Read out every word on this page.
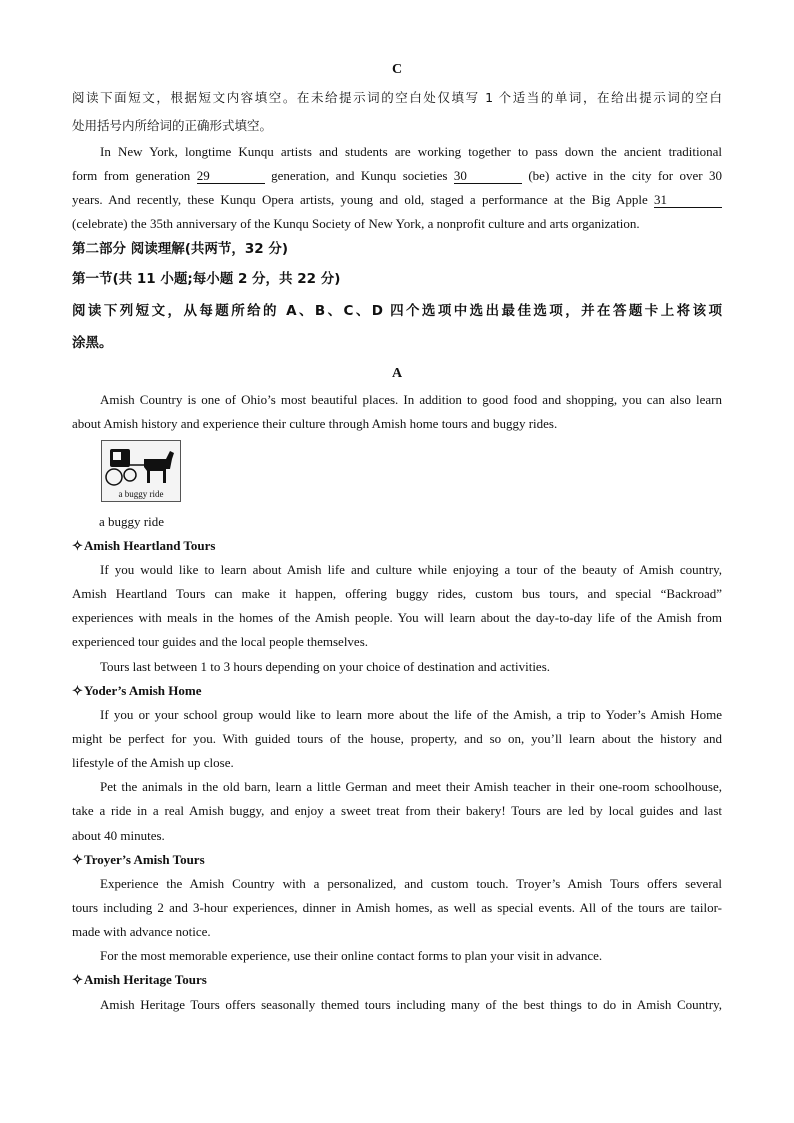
C
阅读下面短文，根据短文内容填空。在未给提示词的空白处仅填写 1 个适当的单词，在给出提示词的空白
处用括号内所给词的正确形式填空。
In New York, longtime Kunqu artists and students are working together to pass down the ancient traditional
form from generation 29	generation, and Kunqu societies 30	(be) active in the city for over 30
years. And recently, these Kunqu Opera artists, young and old, staged a performance at the Big Apple 31
(celebrate) the 35th anniversary of the Kunqu Society of New York, a nonprofit culture and arts organization.
第二部分 阅读理解(共两节，32 分)
第一节(共 11 小题;每小题 2 分，共 22 分)
阅读下列短文，从每题所给的 A、B、C、D 四个选项中选出最佳选项，并在答题卡上将该项
涂黑。
A
Amish Country is one of Ohio’s most beautiful places. In addition to good food and shopping, you can also learn
about Amish history and experience their culture through Amish home tours and buggy rides.
a buggy ride
a buggy ride
✧Amish Heartland Tours
If you would like to learn about Amish life and culture while enjoying a tour of the beauty of Amish country,
Amish Heartland Tours can make it happen, offering buggy rides, custom bus tours, and special “Backroad”
experiences with meals in the homes of the Amish people. You will learn about the day-to-day life of the Amish from
experienced tour guides and the local people themselves.
Tours last between 1 to 3 hours depending on your choice of destination and activities.
✧Yoder’s Amish Home
If you or your school group would like to learn more about the life of the Amish, a trip to Yoder’s Amish Home
might be perfect for you. With guided tours of the house, property, and so on, you’ll learn about the history and
lifestyle of the Amish up close.
Pet the animals in the old barn, learn a little German and meet their Amish teacher in their one-room schoolhouse,
take a ride in a real Amish buggy, and enjoy a sweet treat from their bakery! Tours are led by local guides and last
about 40 minutes.
✧Troyer’s Amish Tours
Experience the Amish Country with a personalized, and custom touch. Troyer’s Amish Tours offers several
tours including 2 and 3-hour experiences, dinner in Amish homes, as well as special events. All of the tours are tailor-
made with advance notice.
For the most memorable experience, use their online contact forms to plan your visit in advance.
✧Amish Heritage Tours
Amish Heritage Tours offers seasonally themed tours including many of the best things to do in Amish Country,
